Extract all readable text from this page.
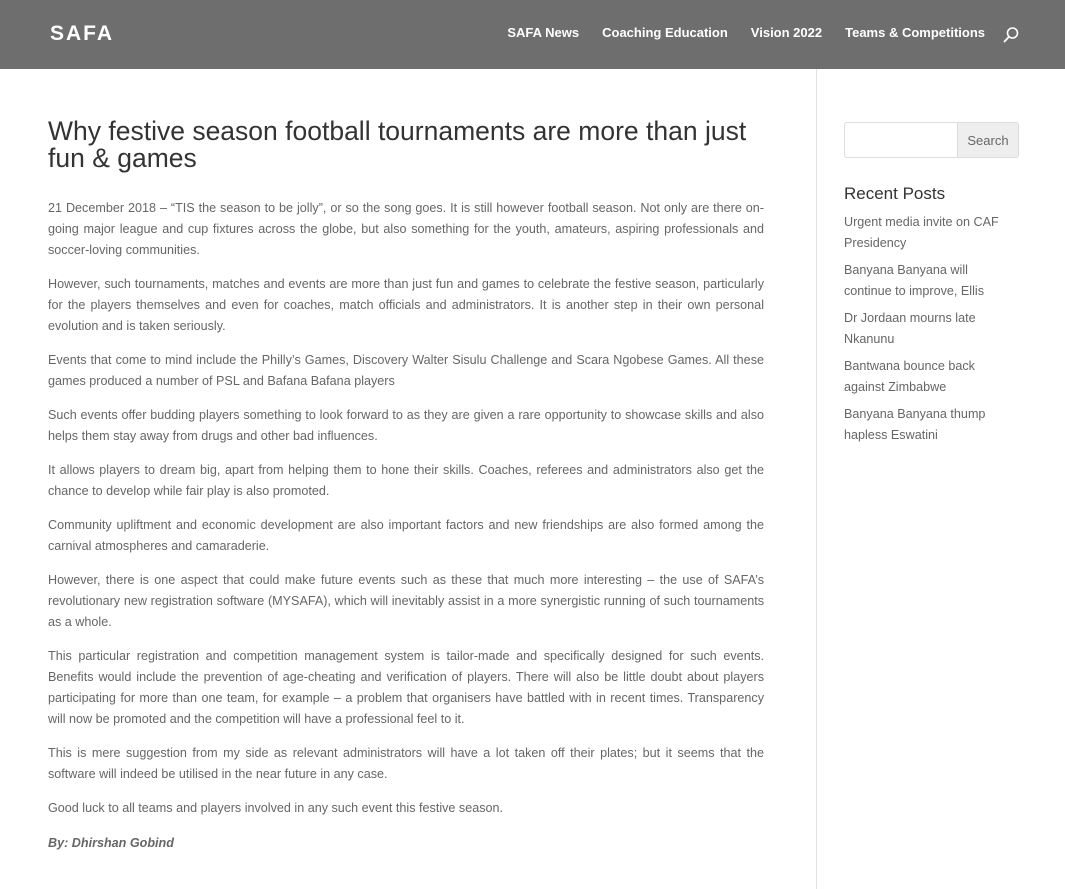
SAFA	SAFA News Coaching Education Vision 2022 Teams & Competitions
Why festive season football tournaments are more than just fun & games

21 December 2018 – “TIS the season to be jolly”, or so the song goes. It is still however football season. Not only are there on-going major league and cup fixtures across the globe, but also something for the youth, amateurs, aspiring professionals and soccer-loving communities.

However, such tournaments, matches and events are more than just fun and games to celebrate the festive season, particularly for the players themselves and even for coaches, match officials and administrators. It is another step in their own personal evolution and is taken seriously.

Events that come to mind include the Philly’s Games, Discovery Walter Sisulu Challenge and Scara Ngobese Games. All these games produced a number of PSL and Bafana Bafana players

Such events offer budding players something to look forward to as they are given a rare opportunity to showcase skills and also helps them stay away from drugs and other bad influences.

It allows players to dream big, apart from helping them to hone their skills. Coaches, referees and administrators also get the chance to develop while fair play is also promoted.

Community upliftment and economic development are also important factors and new friendships are also formed among the carnival atmospheres and camaraderie.

However, there is one aspect that could make future events such as these that much more interesting – the use of SAFA’s revolutionary new registration software (MYSAFA), which will inevitably assist in a more synergistic running of such tournaments as a whole.

This particular registration and competition management system is tailor-made and specifically designed for such events. Benefits would include the prevention of age-cheating and verification of players. There will also be little doubt about players participating for more than one team, for example – a problem that organisers have battled with in recent times. Transparency will now be promoted and the competition will have a professional feel to it.

This is mere suggestion from my side as relevant administrators will have a lot taken off their plates; but it seems that the software will indeed be utilised in the near future in any case.

Good luck to all teams and players involved in any such event this festive season.

By: Dhirshan Gobind

Search
Recent Posts
Urgent media invite on CAF Presidency
Banyana Banyana will continue to improve, Ellis
Dr Jordaan mourns late Nkanunu
Bantwana bounce back against Zimbabwe
Banyana Banyana thump hapless Eswatini
